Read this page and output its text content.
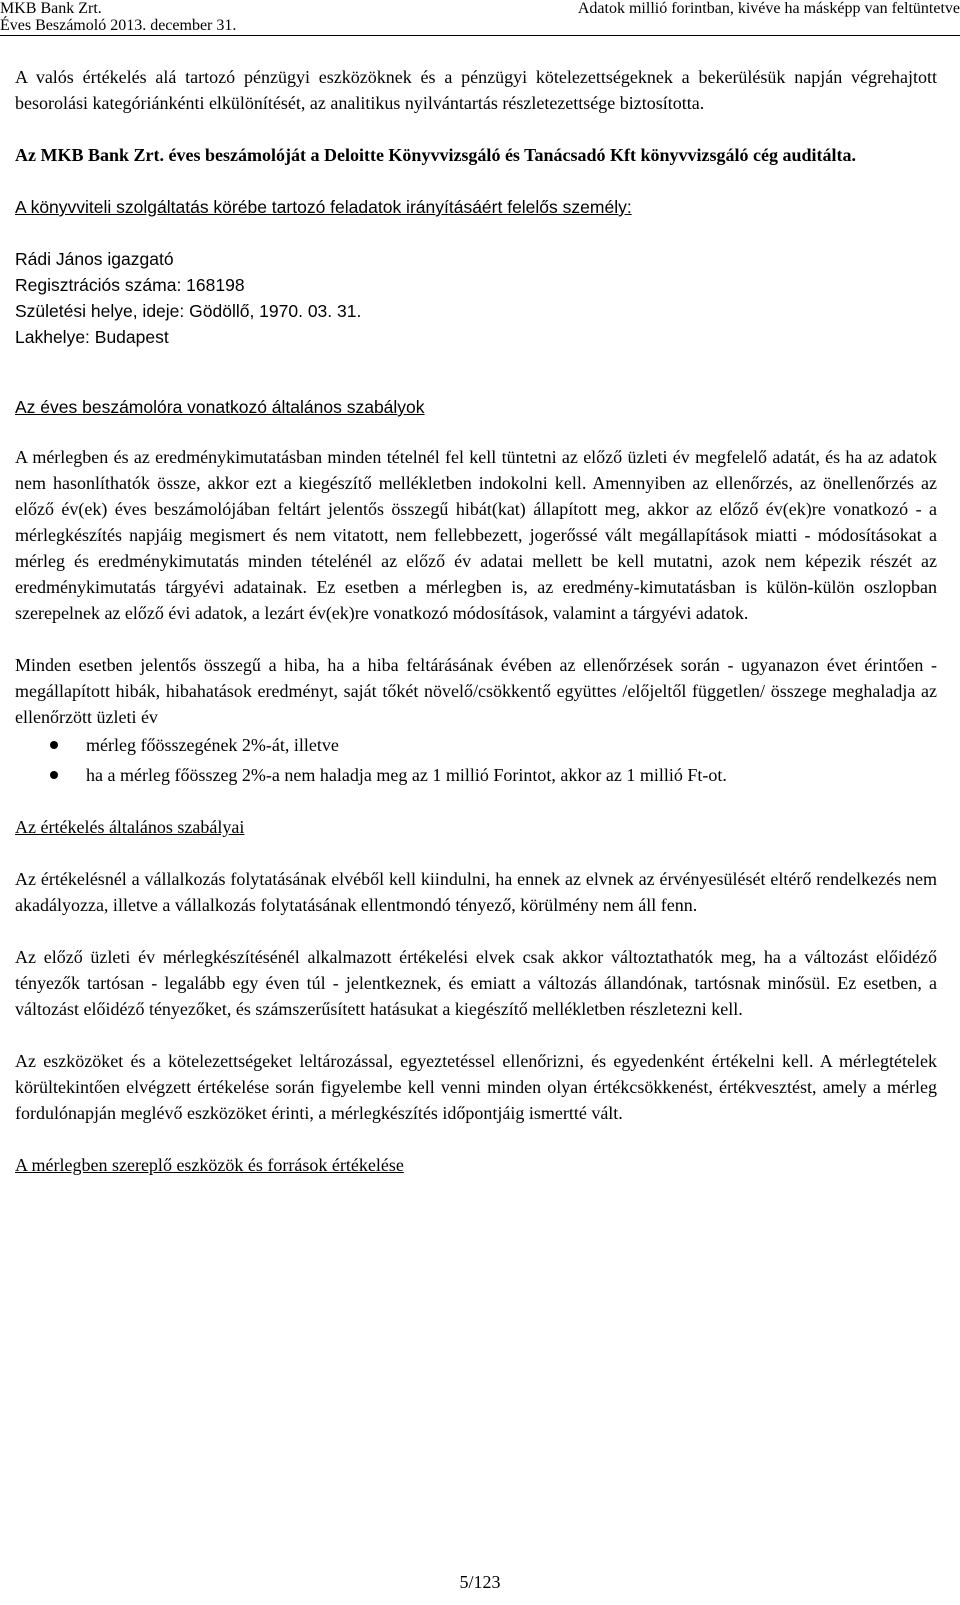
MKB Bank Zrt.
Éves Beszámoló 2013. december 31.
Adatok millió forintban, kivéve ha másképp van feltüntetve

A valós értékelés alá tartozó pénzügyi eszközöknek és a pénzügyi kötelezettségeknek a bekerülésük napján végrehajtott besorolási kategóriánkénti elkülönítését, az analitikus nyilvántartás részletezettsége biztosította.

Az MKB Bank Zrt. éves beszámolóját a Deloitte Könyvvizsgáló és Tanácsadó Kft könyvvizsgáló cég auditálta.

A könyvviteli szolgáltatás körébe tartozó feladatok irányításáért felelős személy:

Rádi János igazgató

Regisztrációs száma: 168198

Születési helye, ideje: Gödöllő, 1970. 03. 31.

Lakhelye: Budapest

Az éves beszámolóra vonatkozó általános szabályok

A mérlegben és az eredménykimutatásban minden tételnél fel kell tüntetni az előző üzleti év megfelelő adatát, és ha az adatok nem hasonlíthatók össze, akkor ezt a kiegészítő mellékletben indokolni kell. Amennyiben az ellenőrzés, az önellenőrzés az előző év(ek) éves beszámolójában feltárt jelentős összegű hibát(kat) állapított meg, akkor az előző év(ek)re vonatkozó - a mérlegkészítés napjáig megismert és nem vitatott, nem fellebbezett, jogerőssé vált megállapítások miatti - módosításokat a mérleg és eredménykimutatás minden tételénél az előző év adatai mellett be kell mutatni, azok nem képezik részét az eredménykimutatás tárgyévi adatainak. Ez esetben a mérlegben is, az eredmény-kimutatásban is külön-külön oszlopban szerepelnek az előző évi adatok, a lezárt év(ek)re vonatkozó módosítások, valamint a tárgyévi adatok.

Minden esetben jelentős összegű a hiba, ha a hiba feltárásának évében az ellenőrzések során - ugyanazon évet érintően - megállapított hibák, hibahatások eredményt, saját tőkét növelő/csökkentő együttes /előjeltől független/ összege meghaladja az ellenőrzött üzleti év

mérleg főösszegének 2%-át, illetve
ha a mérleg főösszeg 2%-a nem haladja meg az 1 millió Forintot, akkor az 1 millió Ft-ot.

Az értékelés általános szabályai

Az értékelésnél a vállalkozás folytatásának elvéből kell kiindulni, ha ennek az elvnek az érvényesülését eltérő rendelkezés nem akadályozza, illetve a vállalkozás folytatásának ellentmondó tényező, körülmény nem áll fenn.

Az előző üzleti év mérlegkészítésénél alkalmazott értékelési elvek csak akkor változtathatók meg, ha a változást előidéző tényezők tartósan - legalább egy éven túl - jelentkeznek, és emiatt a változás állandónak, tartósnak minősül. Ez esetben, a változást előidéző tényezőket, és számszerűsített hatásukat a kiegészítő mellékletben részletezni kell.

Az eszközöket és a kötelezettségeket leltározással, egyeztetéssel ellenőrizni, és egyedenként értékelni kell. A mérlegtételek körültekintően elvégzett értékelése során figyelembe kell venni minden olyan értékcsökkenést, értékvesztést, amely a mérleg fordulónapján meglévő eszközöket érinti, a mérlegkészítés időpontjáig ismertté vált.

A mérlegben szereplő eszközök és források értékelése

5/123
